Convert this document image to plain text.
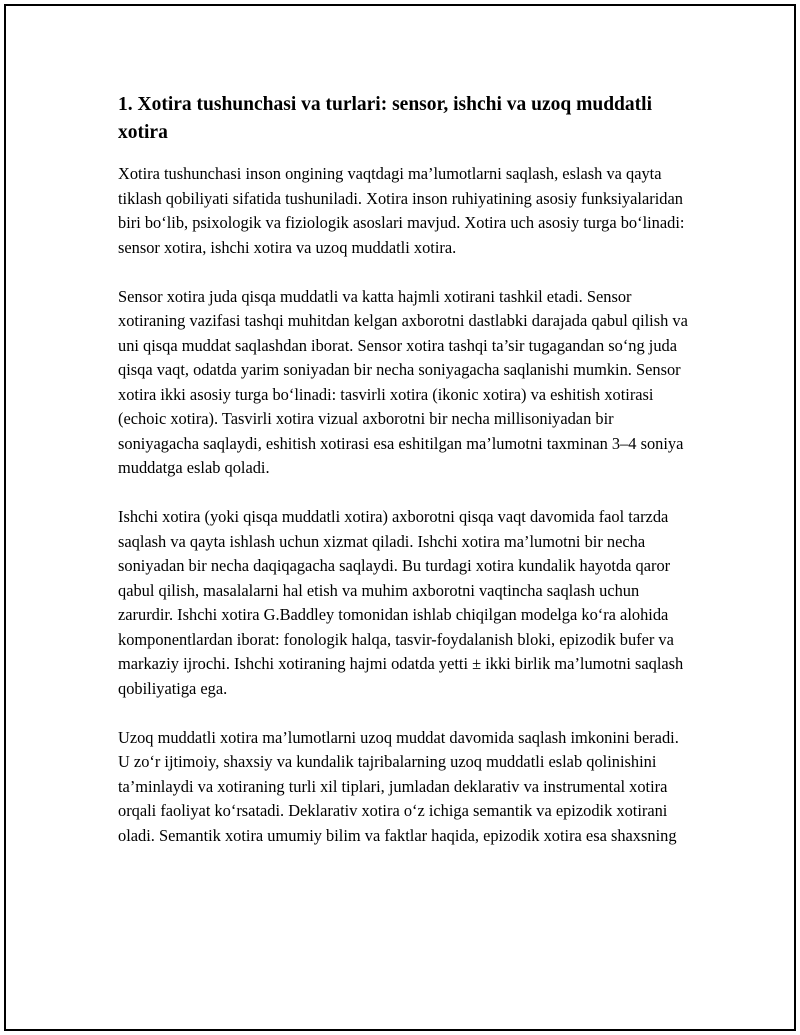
1. Xotira tushunchasi va turlari: sensor, ishchi va uzoq muddatli xotira

Xotira tushunchasi inson ongining vaqtdagi ma’lumotlarni saqlash, eslash va qayta tiklash qobiliyati sifatida tushuniladi. Xotira inson ruhiyatining asosiy funksiyalaridan biri bo‘lib, psixologik va fiziologik asoslari mavjud. Xotira uch asosiy turga bo‘linadi: sensor xotira, ishchi xotira va uzoq muddatli xotira.

Sensor xotira juda qisqa muddatli va katta hajmli xotirani tashkil etadi. Sensor xotiraning vazifasi tashqi muhitdan kelgan axborotni dastlabki darajada qabul qilish va uni qisqa muddat saqlashdan iborat. Sensor xotira tashqi ta’sir tugagandan so‘ng juda qisqa vaqt, odatda yarim soniyadan bir necha soniyagacha saqlanishi mumkin. Sensor xotira ikki asosiy turga bo‘linadi: tasvirli xotira (ikonic xotira) va eshitish xotirasi (echoic xotira). Tasvirli xotira vizual axborotni bir necha millisoniyadan bir soniyagacha saqlaydi, eshitish xotirasi esa eshitilgan ma’lumotni taxminan 3–4 soniya muddatga eslab qoladi.

Ishchi xotira (yoki qisqa muddatli xotira) axborotni qisqa vaqt davomida faol tarzda saqlash va qayta ishlash uchun xizmat qiladi. Ishchi xotira ma’lumotni bir necha soniyadan bir necha daqiqagacha saqlaydi. Bu turdagi xotira kundalik hayotda qaror qabul qilish, masalalarni hal etish va muhim axborotni vaqtincha saqlash uchun zarurdir. Ishchi xotira G.Baddley tomonidan ishlab chiqilgan modelga ko‘ra alohida komponentlardan iborat: fonologik halqa, tasvir-foydalanish bloki, epizodik bufer va markaziy ijrochi. Ishchi xotiraning hajmi odatda yetti ± ikki birlik ma’lumotni saqlash qobiliyatiga ega.

Uzoq muddatli xotira ma’lumotlarni uzoq muddat davomida saqlash imkonini beradi. U zo‘r ijtimoiy, shaxsiy va kundalik tajribalarning uzoq muddatli eslab qolinishini ta’minlaydi va xotiraning turli xil tiplari, jumladan deklarativ va instrumental xotira orqali faoliyat ko‘rsatadi. Deklarativ xotira o‘z ichiga semantik va epizodik xotirani oladi. Semantik xotira umumiy bilim va faktlar haqida, epizodik xotira esa shaxsning
